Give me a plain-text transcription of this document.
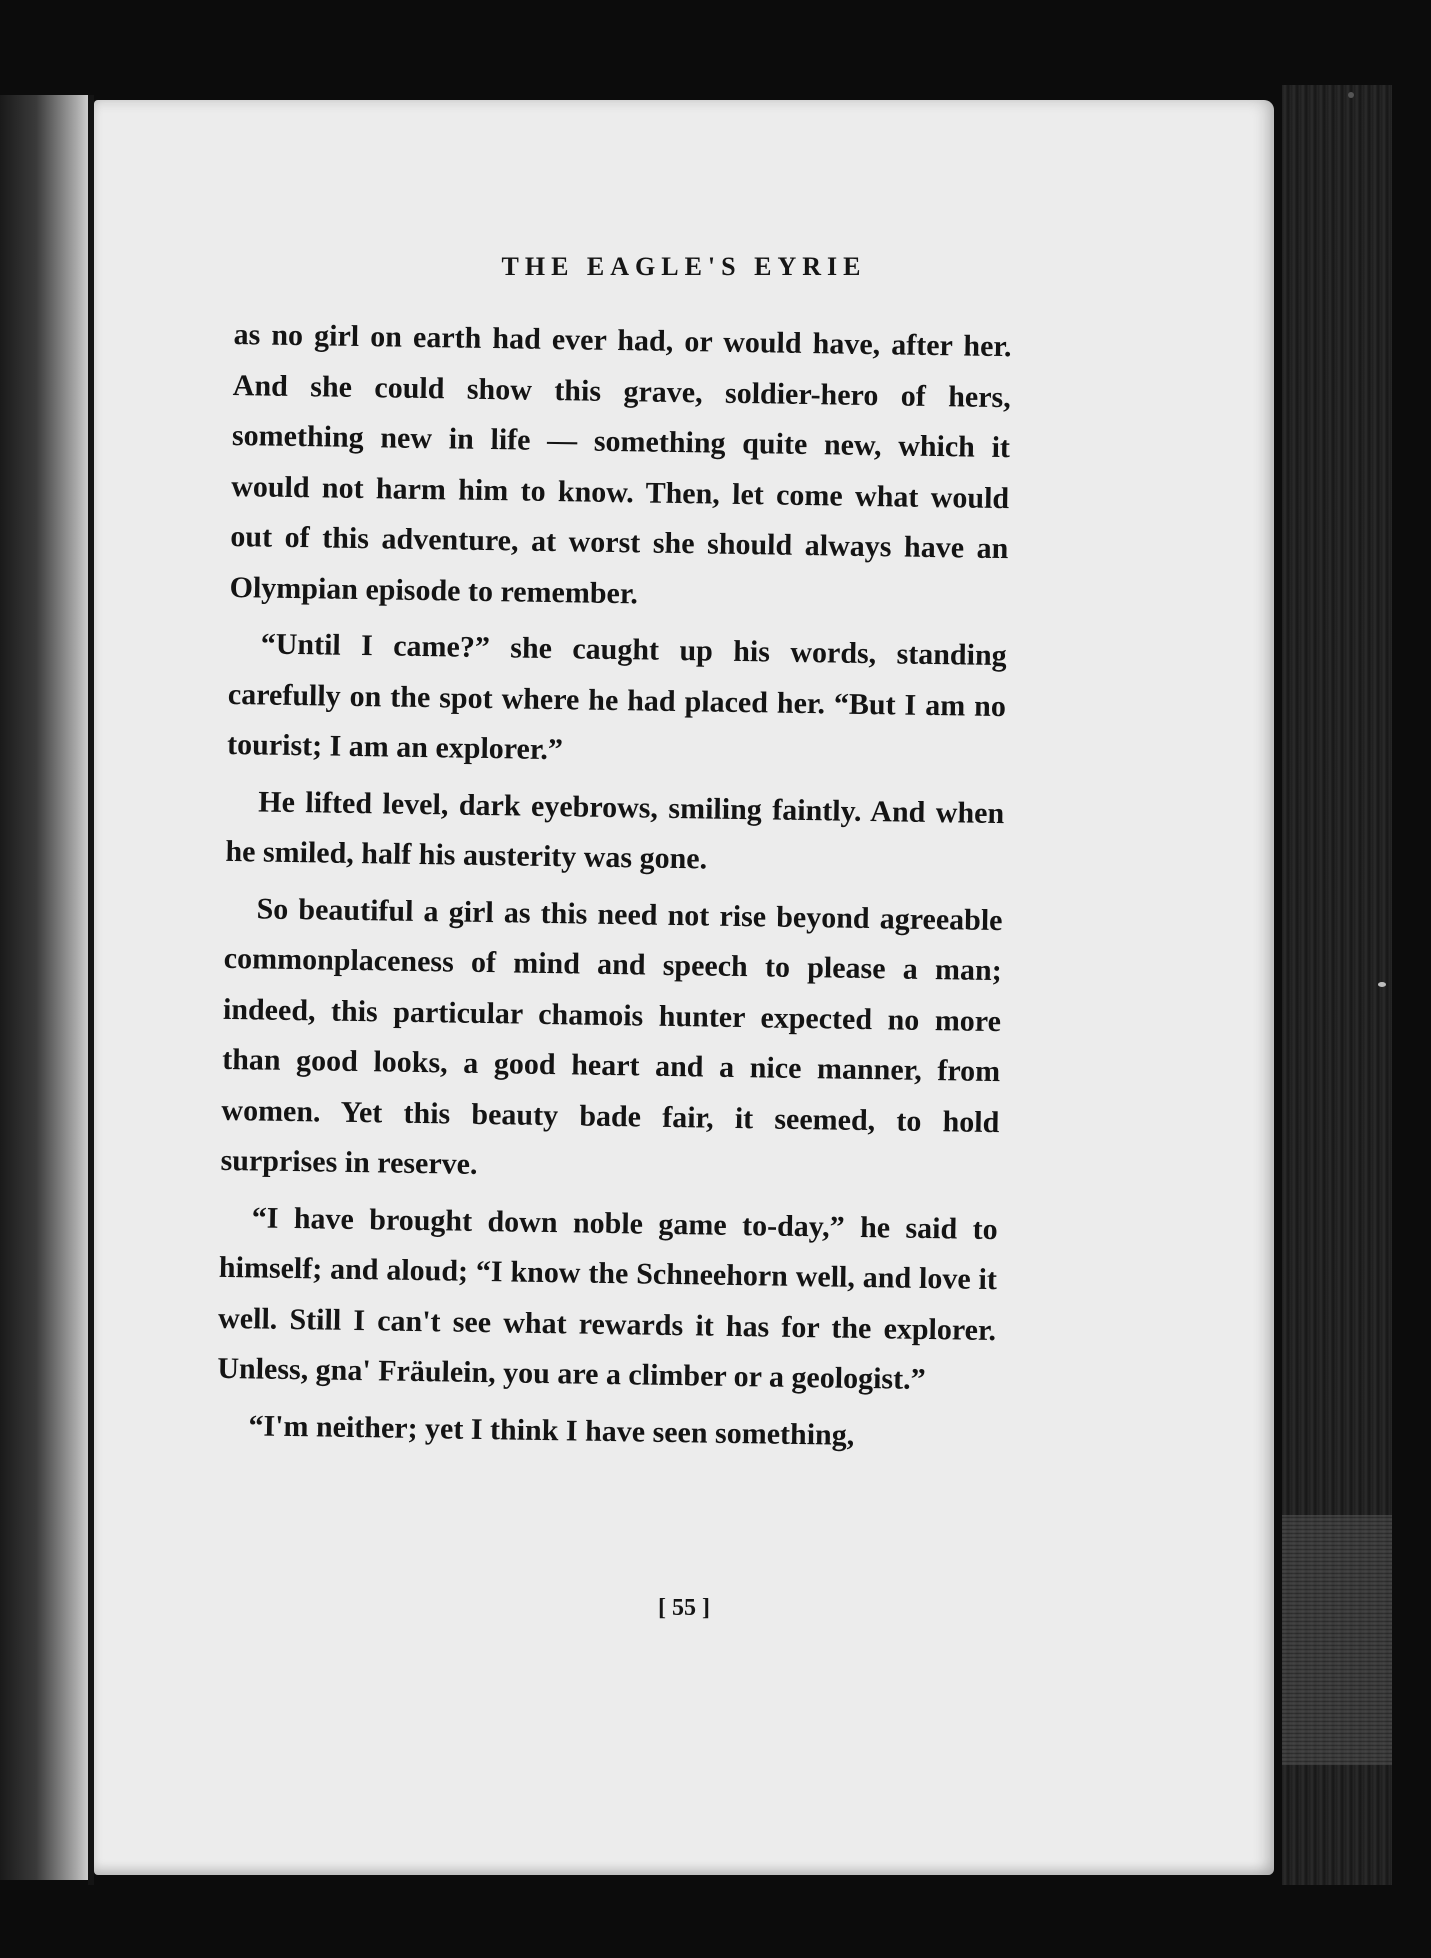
THE EAGLE'S EYRIE

as no girl on earth had ever had, or would have, after her. And she could show this grave, soldier-hero of hers, something new in life — something quite new, which it would not harm him to know. Then, let come what would out of this adventure, at worst she should always have an Olympian episode to remember.

“Until I came?” she caught up his words, standing carefully on the spot where he had placed her. “But I am no tourist; I am an explorer.”

He lifted level, dark eyebrows, smiling faintly. And when he smiled, half his austerity was gone.

So beautiful a girl as this need not rise beyond agreeable commonplaceness of mind and speech to please a man; indeed, this particular chamois hunter expected no more than good looks, a good heart and a nice manner, from women. Yet this beauty bade fair, it seemed, to hold surprises in reserve.

“I have brought down noble game to-day,” he said to himself; and aloud; “I know the Schneehorn well, and love it well. Still I can't see what rewards it has for the explorer. Unless, gna' Fräulein, you are a climber or a geologist.”

“I'm neither; yet I think I have seen something,

[ 55 ]
